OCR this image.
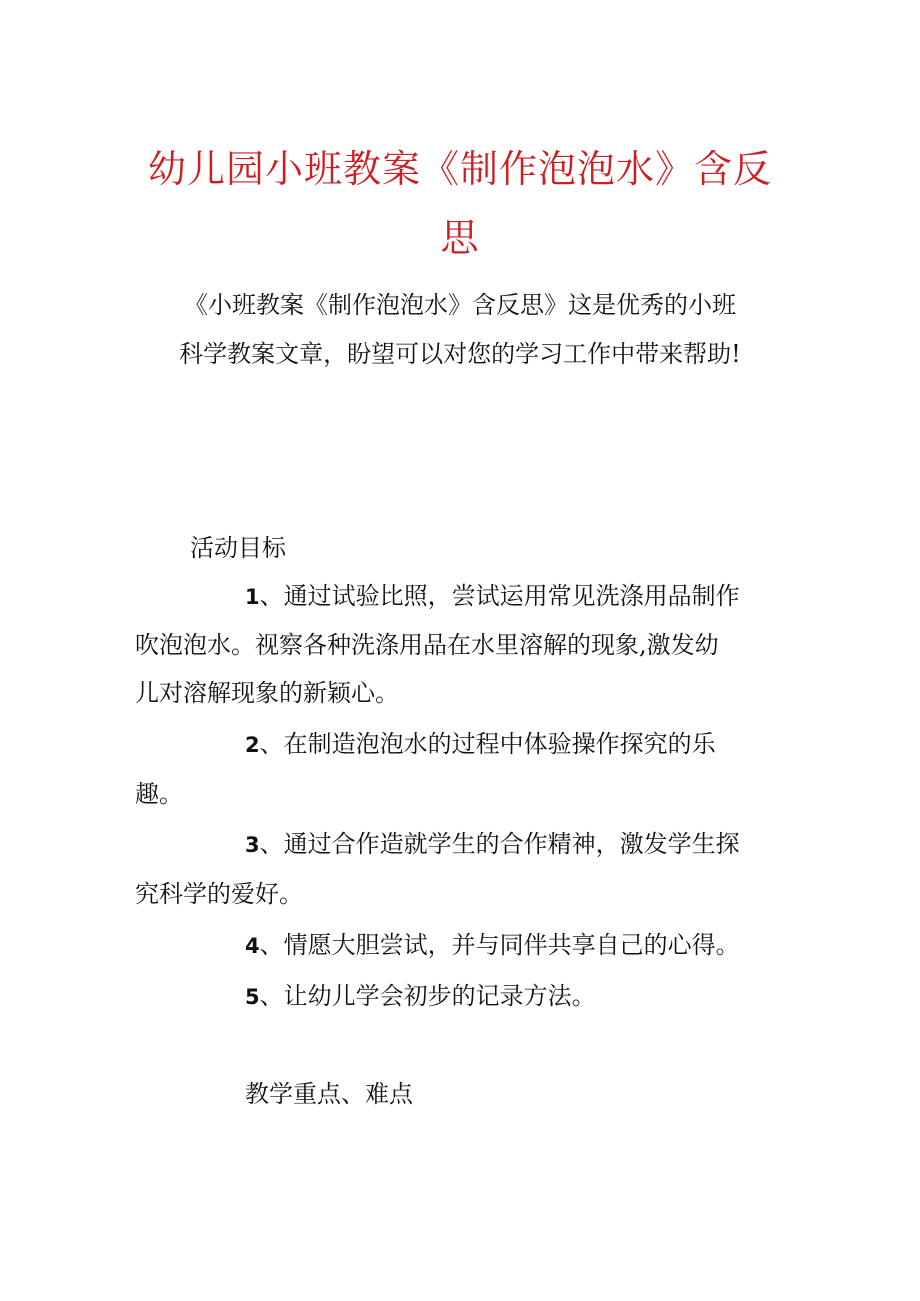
幼儿园小班教案《制作泡泡水》含反
思
《小班教案《制作泡泡水》含反思》这是优秀的小班
科学教案文章，盼望可以对您的学习工作中带来帮助!
活动目标
1、通过试验比照，尝试运用常见洗涤用品制作
吹泡泡水。视察各种洗涤用品在水里溶解的现象,激发幼
儿对溶解现象的新颖心。
2、在制造泡泡水的过程中体验操作探究的乐
趣。
3、通过合作造就学生的合作精神，激发学生探
究科学的爱好。
4、情愿大胆尝试，并与同伴共享自己的心得。
5、让幼儿学会初步的记录方法。
教学重点、难点
